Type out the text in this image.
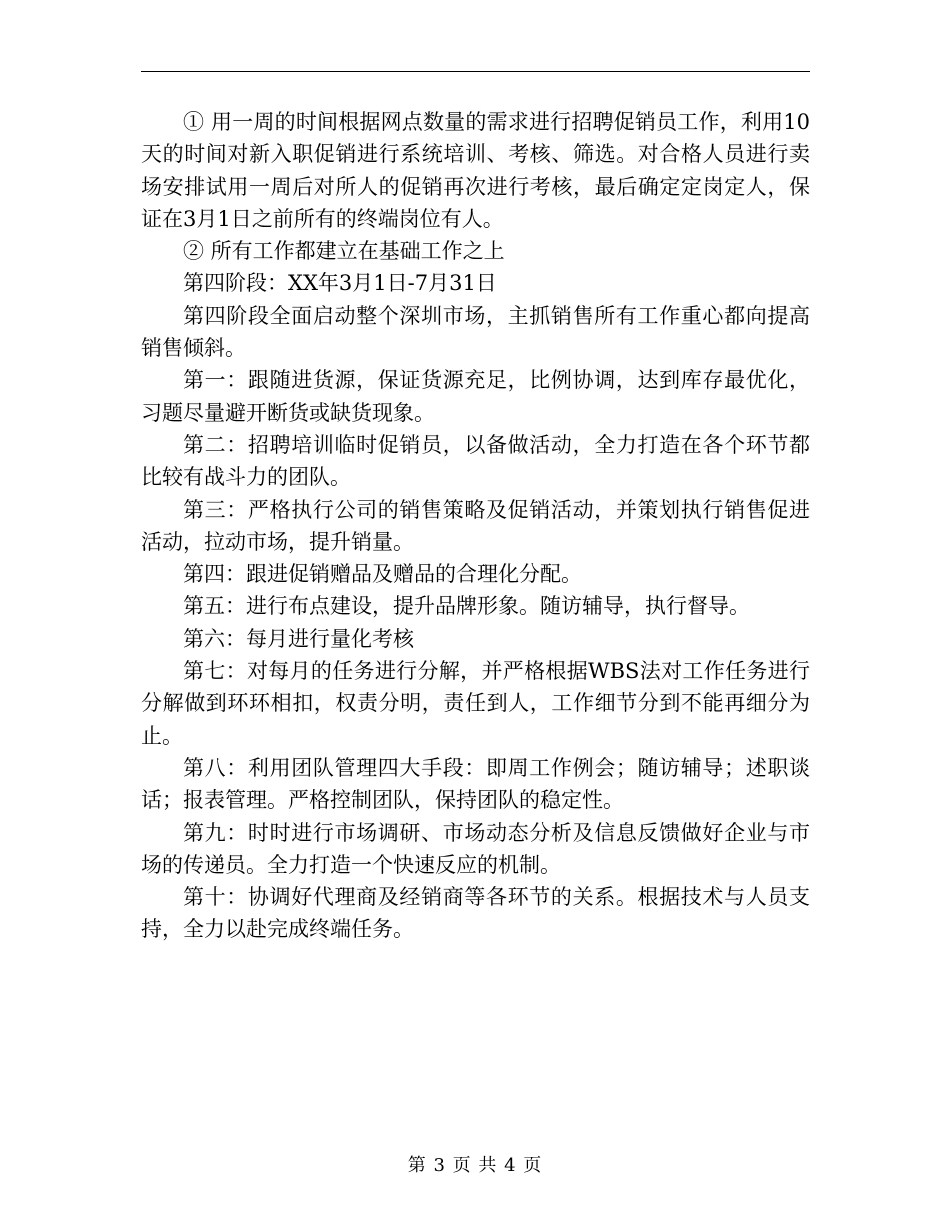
① 用一周的时间根据网点数量的需求进行招聘促销员工作，利用10天的时间对新入职促销进行系统培训、考核、筛选。对合格人员进行卖场安排试用一周后对所人的促销再次进行考核，最后确定定岗定人，保证在3月1日之前所有的终端岗位有人。

② 所有工作都建立在基础工作之上

第四阶段：XX年3月1日-7月31日

第四阶段全面启动整个深圳市场，主抓销售所有工作重心都向提高销售倾斜。

第一：跟随进货源，保证货源充足，比例协调，达到库存最优化，习题尽量避开断货或缺货现象。

第二：招聘培训临时促销员，以备做活动，全力打造在各个环节都比较有战斗力的团队。

第三：严格执行公司的销售策略及促销活动，并策划执行销售促进活动，拉动市场，提升销量。

第四：跟进促销赠品及赠品的合理化分配。

第五：进行布点建设，提升品牌形象。随访辅导，执行督导。

第六：每月进行量化考核

第七：对每月的任务进行分解，并严格根据WBS法对工作任务进行分解做到环环相扣，权责分明，责任到人，工作细节分到不能再细分为止。

第八：利用团队管理四大手段：即周工作例会；随访辅导；述职谈话；报表管理。严格控制团队，保持团队的稳定性。

第九：时时进行市场调研、市场动态分析及信息反馈做好企业与市场的传递员。全力打造一个快速反应的机制。

第十：协调好代理商及经销商等各环节的关系。根据技术与人员支持，全力以赴完成终端任务。

第 3 页 共 4 页
